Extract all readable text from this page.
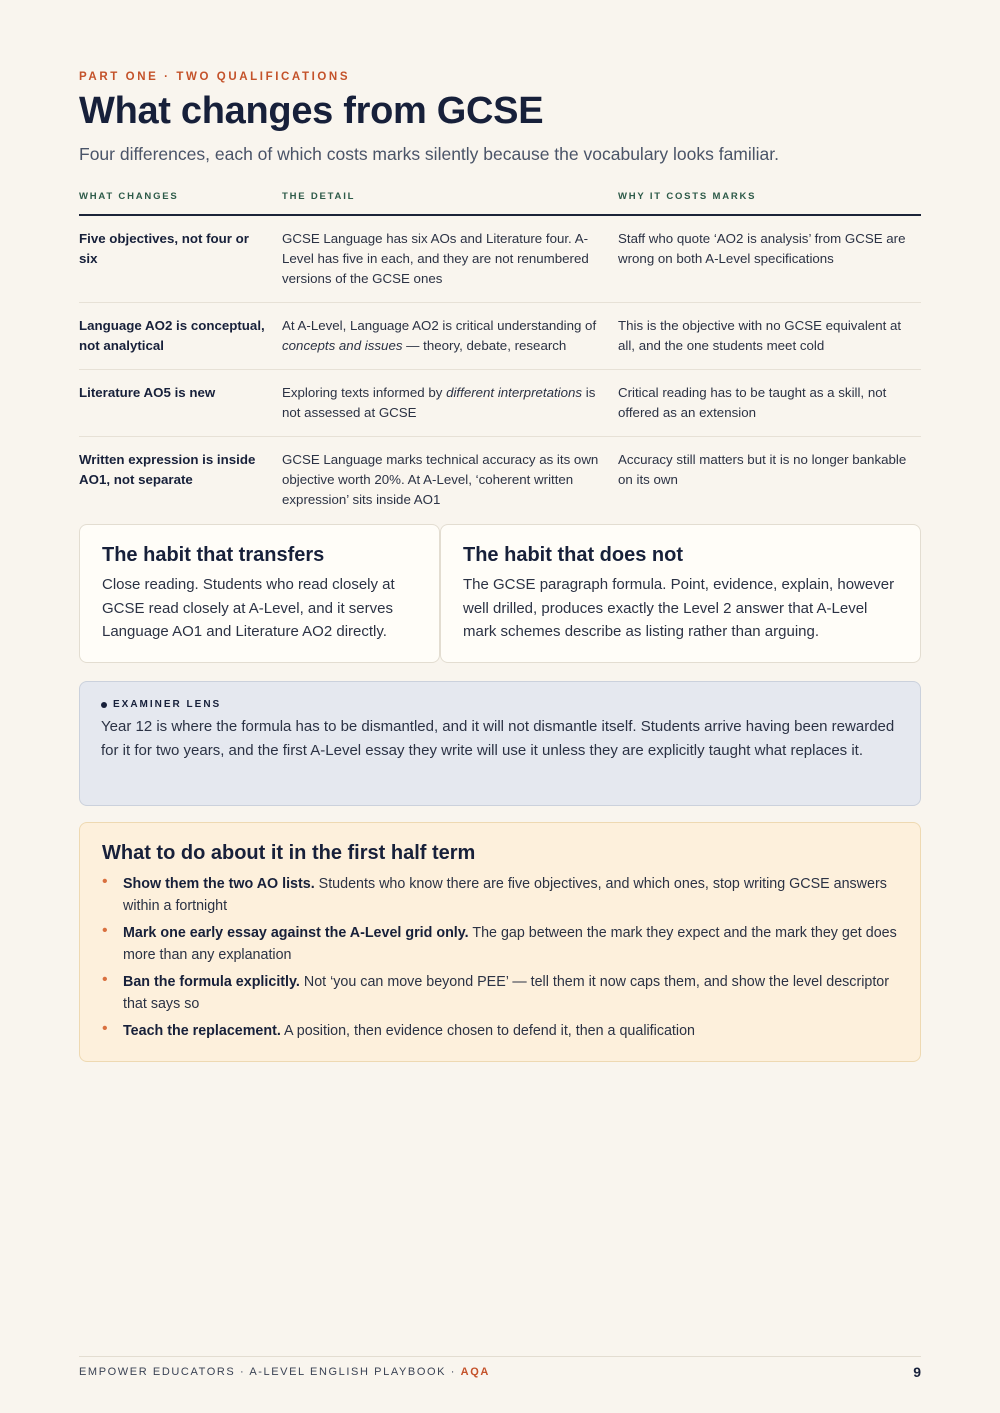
PART ONE · TWO QUALIFICATIONS
What changes from GCSE

Four differences, each of which costs marks silently because the vocabulary looks familiar.

WHAT CHANGES	THE DETAIL	WHY IT COSTS MARKS
Five objectives, not four or six	GCSE Language has six AOs and Literature four. A-Level has five in each, and they are not renumbered versions of the GCSE ones	Staff who quote ‘AO2 is analysis’ from GCSE are wrong on both A-Level specifications
Language AO2 is conceptual, not analytical	At A-Level, Language AO2 is critical understanding of concepts and issues — theory, debate, research	This is the objective with no GCSE equivalent at all, and the one students meet cold
Literature AO5 is new	Exploring texts informed by different interpretations is not assessed at GCSE	Critical reading has to be taught as a skill, not offered as an extension
Written expression is inside AO1, not separate	GCSE Language marks technical accuracy as its own objective worth 20%. At A-Level, ‘coherent written expression’ sits inside AO1	Accuracy still matters but it is no longer bankable on its own
The habit that transfers

Close reading. Students who read closely at GCSE read closely at A-Level, and it serves Language AO1 and Literature AO2 directly.

The habit that does not

The GCSE paragraph formula. Point, evidence, explain, however well drilled, produces exactly the Level 2 answer that A-Level mark schemes describe as listing rather than arguing.

EXAMINER LENS

Year 12 is where the formula has to be dismantled, and it will not dismantle itself. Students arrive having been rewarded for it for two years, and the first A-Level essay they write will use it unless they are explicitly taught what replaces it.

What to do about it in the first half term
• Show them the two AO lists. Students who know there are five objectives, and which ones, stop writing GCSE answers within a fortnight
• Mark one early essay against the A-Level grid only. The gap between the mark they expect and the mark they get does more than any explanation
• Ban the formula explicitly. Not ‘you can move beyond PEE’ — tell them it now caps them, and show the level descriptor that says so
• Teach the replacement. A position, then evidence chosen to defend it, then a qualification
EMPOWER EDUCATORS · A-LEVEL ENGLISH PLAYBOOK · AQA	9
